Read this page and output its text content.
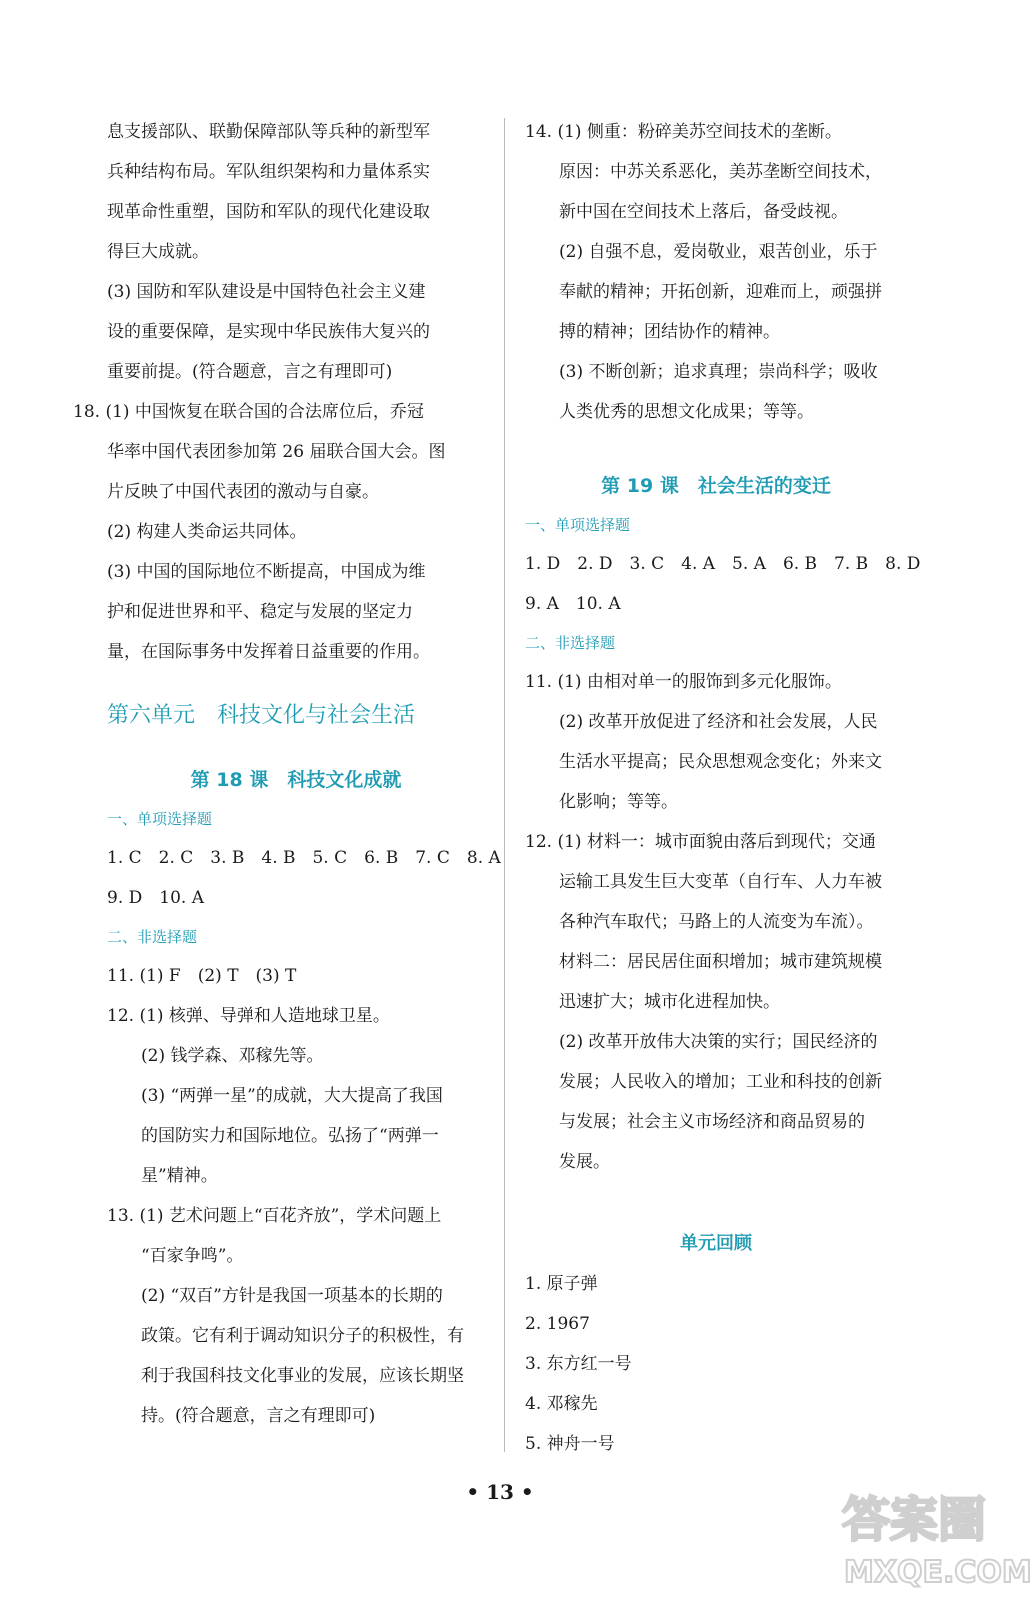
息支援部队、联勤保障部队等兵种的新型军
兵种结构布局。军队组织架构和力量体系实
现革命性重塑，国防和军队的现代化建设取
得巨大成就。
(3) 国防和军队建设是中国特色社会主义建
设的重要保障，是实现中华民族伟大复兴的
重要前提。(符合题意，言之有理即可)
18. (1) 中国恢复在联合国的合法席位后，乔冠
华率中国代表团参加第 26 届联合国大会。图
片反映了中国代表团的激动与自豪。
(2) 构建人类命运共同体。
(3) 中国的国际地位不断提高，中国成为维
护和促进世界和平、稳定与发展的坚定力
量，在国际事务中发挥着日益重要的作用。
第六单元　科技文化与社会生活
第 18 课　科技文化成就
一、单项选择题
1. C　2. C　3. B　4. B　5. C　6. B　7. C　8. A
9. D　10. A
二、非选择题
11. (1) F　(2) T　(3) T
12. (1) 核弹、导弹和人造地球卫星。
(2) 钱学森、邓稼先等。
(3) “两弹一星”的成就，大大提高了我国
的国防实力和国际地位。弘扬了“两弹一
星”精神。
13. (1) 艺术问题上“百花齐放”，学术问题上
“百家争鸣”。
(2) “双百”方针是我国一项基本的长期的
政策。它有利于调动知识分子的积极性，有
利于我国科技文化事业的发展，应该长期坚
持。(符合题意，言之有理即可)
14. (1) 侧重：粉碎美苏空间技术的垄断。
原因：中苏关系恶化，美苏垄断空间技术，
新中国在空间技术上落后，备受歧视。
(2) 自强不息，爱岗敬业，艰苦创业，乐于
奉献的精神；开拓创新，迎难而上，顽强拼
搏的精神；团结协作的精神。
(3) 不断创新；追求真理；崇尚科学；吸收
人类优秀的思想文化成果；等等。
第 19 课　社会生活的变迁
一、单项选择题
1. D　2. D　3. C　4. A　5. A　6. B　7. B　8. D
9. A　10. A
二、非选择题
11. (1) 由相对单一的服饰到多元化服饰。
(2) 改革开放促进了经济和社会发展，人民
生活水平提高；民众思想观念变化；外来文
化影响；等等。
12. (1) 材料一：城市面貌由落后到现代；交通
运输工具发生巨大变革（自行车、人力车被
各种汽车取代；马路上的人流变为车流）。
材料二：居民居住面积增加；城市建筑规模
迅速扩大；城市化进程加快。
(2) 改革开放伟大决策的实行；国民经济的
发展；人民收入的增加；工业和科技的创新
与发展；社会主义市场经济和商品贸易的
发展。
单元回顾
1. 原子弹
2. 1967
3. 东方红一号
4. 邓稼先
5. 神舟一号
• 13 •	答案圈
MXQE.COM
